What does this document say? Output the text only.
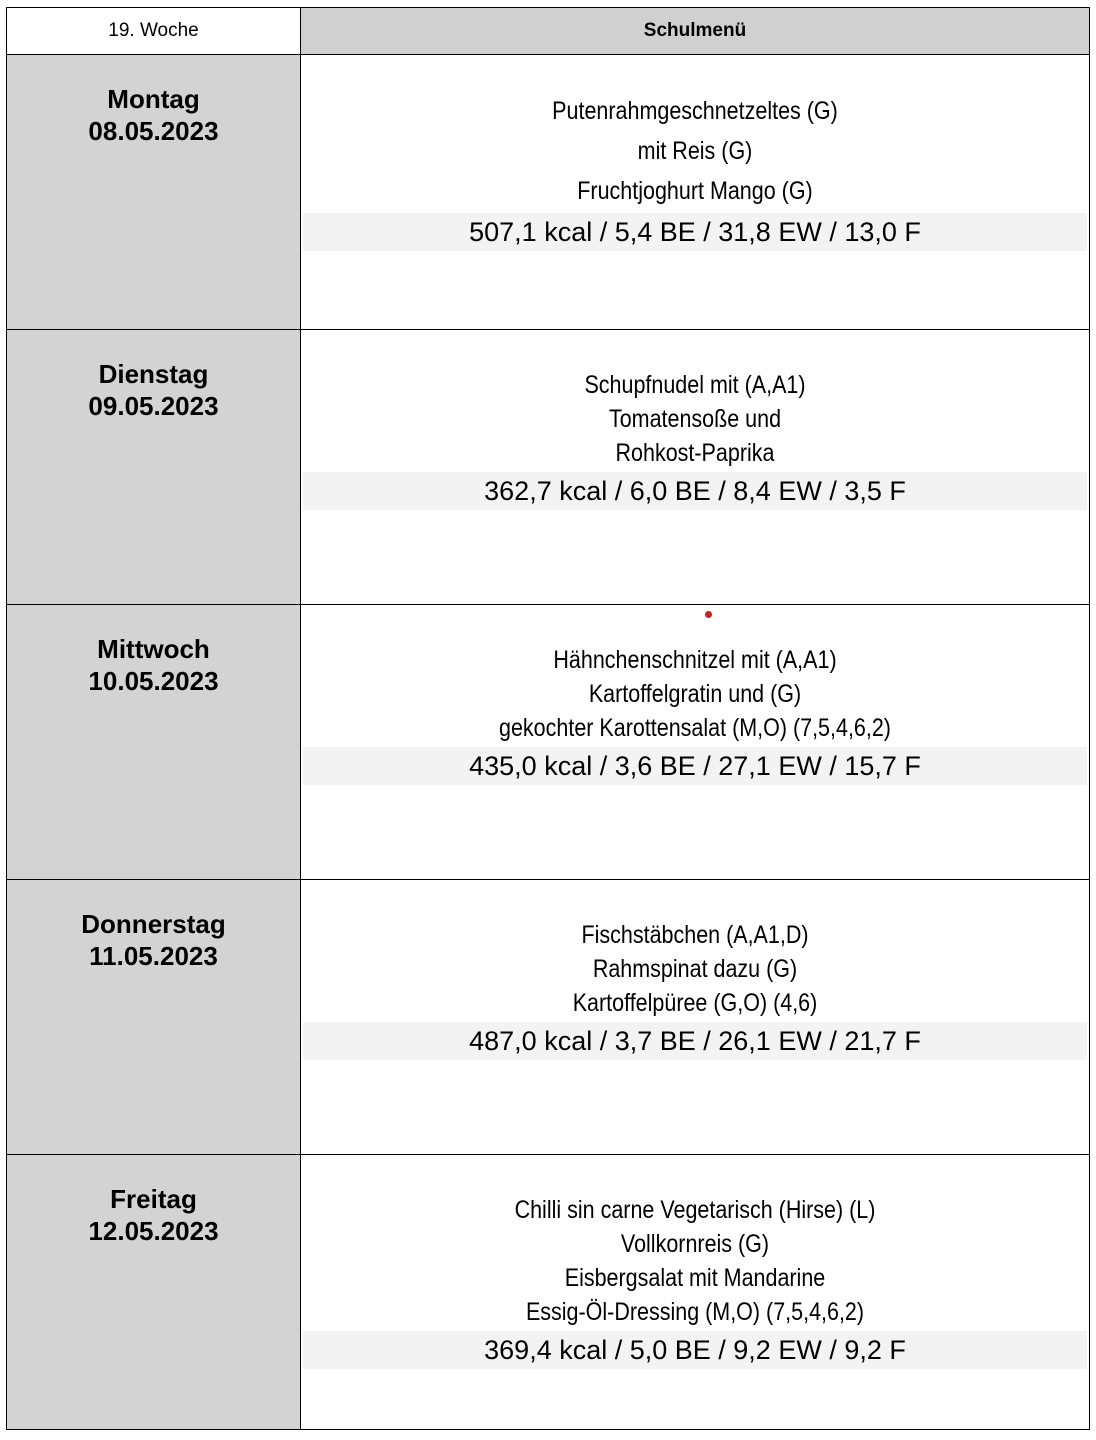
19. Woche	Schulmenü

Montag
08.05.2023	Putenrahmgeschnetzeltes (G)
mit Reis (G)
Fruchtjoghurt Mango (G)
507,1 kcal / 5,4 BE / 31,8 EW / 13,0 F

Dienstag
09.05.2023	Schupfnudel mit (A,A1)
Tomatensoße und
Rohkost-Paprika
362,7 kcal / 6,0 BE / 8,4 EW / 3,5 F

Mittwoch
10.05.2023	Hähnchenschnitzel mit (A,A1)
Kartoffelgratin und (G)
gekochter Karottensalat (M,O) (7,5,4,6,2)
435,0 kcal / 3,6 BE / 27,1 EW / 15,7 F

Donnerstag
11.05.2023	Fischstäbchen (A,A1,D)
Rahmspinat dazu (G)
Kartoffelpüree (G,O) (4,6)
487,0 kcal / 3,7 BE / 26,1 EW / 21,7 F

Freitag
12.05.2023	Chilli sin carne Vegetarisch (Hirse) (L)
Vollkornreis (G)
Eisbergsalat mit Mandarine
Essig-Öl-Dressing (M,O) (7,5,4,6,2)
369,4 kcal / 5,0 BE / 9,2 EW / 9,2 F
